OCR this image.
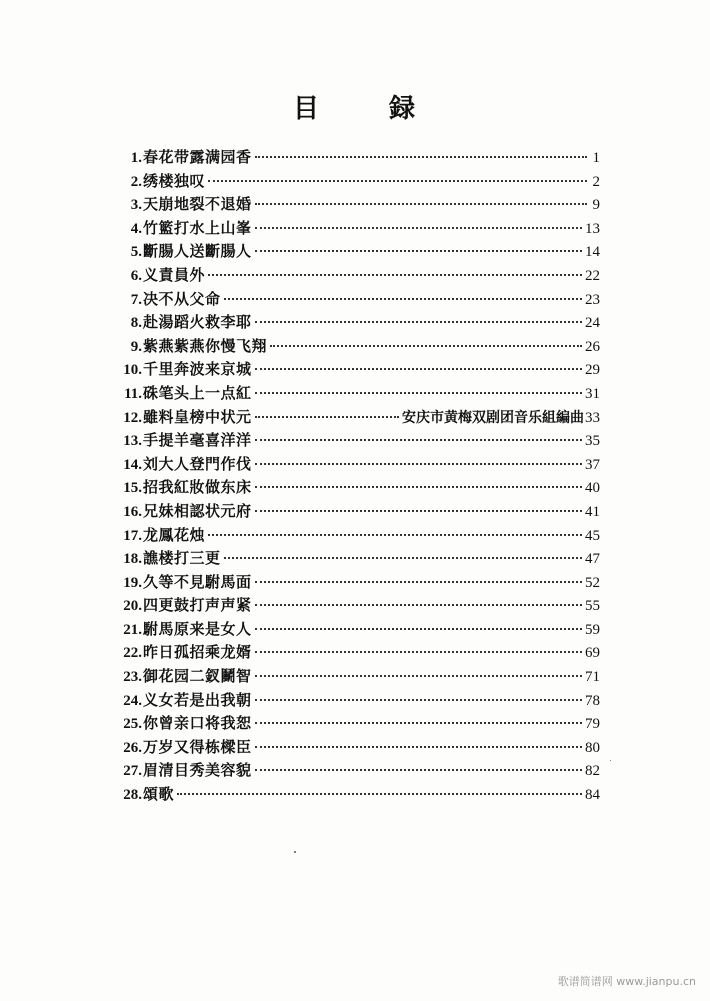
目	録
1. 春花带露满园香	1
2. 绣楼独叹	2
3. 天崩地裂不退婚	9
4. 竹籃打水上山峯	13
5. 斷腸人送斷腸人	14
6. 义責員外	22
7. 决不从父命	23
8. 赴湯蹈火救李耶	24
9. 紫燕紫燕你慢飞翔	26
10. 千里奔波来京城	29
11. 硃笔头上一点紅	31
12. 雖料皇榜中状元	安庆市黄梅双剧团音乐組編曲 33
13. 手提羊毫喜洋洋	35
14. 刘大人登門作伐	37
15. 招我紅妝做东床	40
16. 兄妹相認状元府	41
17. 龙鳳花烛	45
18. 譙楼打三更	47
19. 久等不見駙馬面	52
20. 四更鼓打声声紧	55
21. 駙馬原来是女人	59
22. 昨日孤招乘龙婿	69
23. 御花园二釵鬭智	71
24. 义女若是出我朝	78
25. 你曾亲口将我恕	79
26. 万岁又得栋樑臣	80
27. 眉清目秀美容貌	82
28. 頌歌	84
歌谱简谱网 www.jianpu.cn
